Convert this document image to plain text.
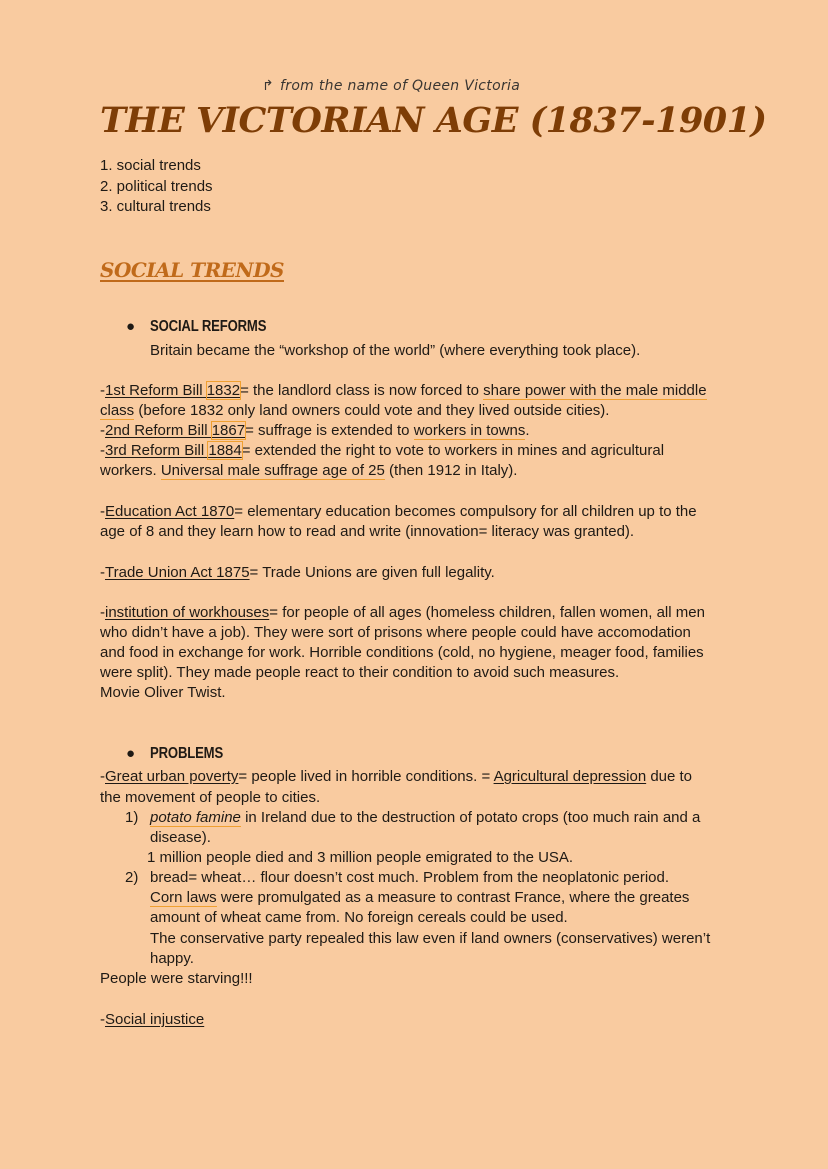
↱ from the name of Queen Victoria
THE VICTORIAN AGE (1837-1901)
1. social trends
2. political trends
3. cultural trends
SOCIAL TRENDS
● SOCIAL REFORMS
Britain became the “workshop of the world” (where everything took place).
-1st Reform Bill 1832= the landlord class is now forced to share power with the male middle
class (before 1832 only land owners could vote and they lived outside cities).
-2nd Reform Bill 1867= suffrage is extended to workers in towns.
-3rd Reform Bill 1884= extended the right to vote to workers in mines and agricultural
workers. Universal male suffrage age of 25 (then 1912 in Italy).
-Education Act 1870= elementary education becomes compulsory for all children up to the
age of 8 and they learn how to read and write (innovation= literacy was granted).
-Trade Union Act 1875= Trade Unions are given full legality.
-institution of workhouses= for people of all ages (homeless children, fallen women, all men
who didn’t have a job). They were sort of prisons where people could have accomodation
and food in exchange for work. Horrible conditions (cold, no hygiene, meager food, families
were split). They made people react to their condition to avoid such measures.
Movie Oliver Twist.
● PROBLEMS
-Great urban poverty= people lived in horrible conditions. = Agricultural depression due to
the movement of people to cities.
1) potato famine in Ireland due to the destruction of potato crops (too much rain and a
disease).
1 million people died and 3 million people emigrated to the USA.
2) bread= wheat… flour doesn’t cost much. Problem from the neoplatonic period.
Corn laws were promulgated as a measure to contrast France, where the greates
amount of wheat came from. No foreign cereals could be used.
The conservative party repealed this law even if land owners (conservatives) weren’t
happy.
People were starving!!!
-Social injustice
